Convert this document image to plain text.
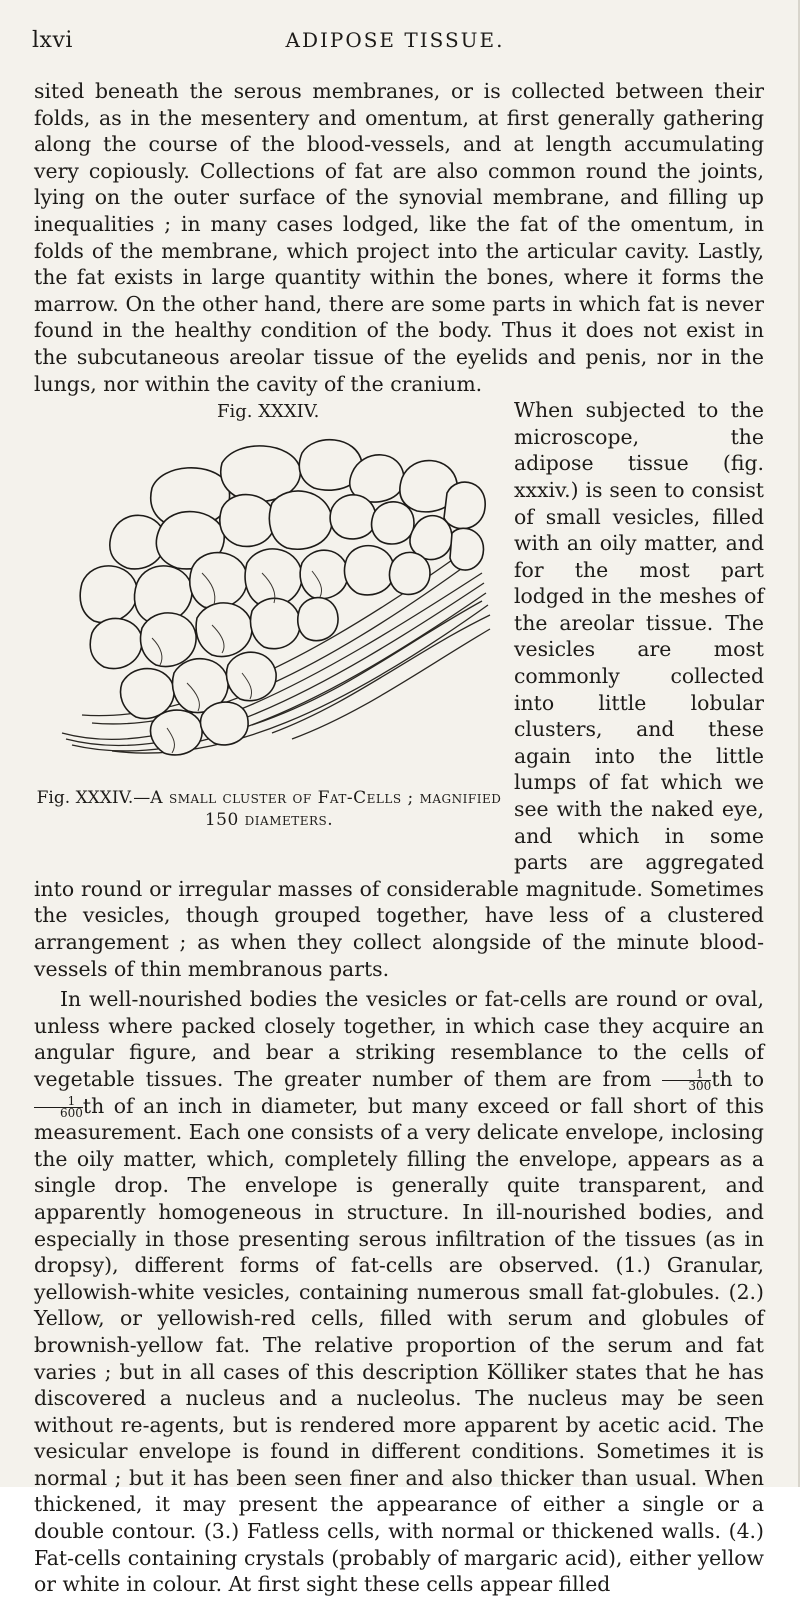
lxvi	ADIPOSE TISSUE.

sited beneath the serous membranes, or is collected between their folds, as in the mesentery and omentum, at first generally gathering along the course of the blood-vessels, and at length accumulating very copiously. Collections of fat are also common round the joints, lying on the outer surface of the synovial membrane, and filling up inequalities ; in many cases lodged, like the fat of the omentum, in folds of the membrane, which project into the articular cavity. Lastly, the fat exists in large quantity within the bones, where it forms the marrow. On the other hand, there are some parts in which fat is never found in the healthy condition of the body. Thus it does not exist in the subcutaneous areolar tissue of the eyelids and penis, nor in the lungs, nor within the cavity of the cranium.

Fig. XXXIV.
Fig. XXXIV.—A small cluster of Fat-Cells ; magnified 150 diameters.

When subjected to the microscope, the adipose tissue (fig. xxxiv.) is seen to consist of small vesicles, filled with an oily matter, and for the most part lodged in the meshes of the areolar tissue. The vesicles are most commonly collected into little lobular clusters, and these again into the little lumps of fat which we see with the naked eye, and which in some parts are aggregated into round or irregular masses of considerable magnitude. Sometimes the vesicles, though grouped together, have less of a clustered arrangement ; as when they collect alongside of the minute blood-vessels of thin membranous parts.

In well-nourished bodies the vesicles or fat-cells are round or oval, unless where packed closely together, in which case they acquire an angular figure, and bear a striking resemblance to the cells of vegetable tissues. The greater number of them are from $\frac{1}{300}$ th to
$\frac{1}{600}$ th of an inch in diameter, but many exceed or fall short of this measurement. Each one consists of a very delicate envelope, inclosing the oily matter, which, completely filling the envelope, appears as a single drop. The envelope is generally quite transparent, and apparently homogeneous in structure. In ill-nourished bodies, and especially in those presenting serous infiltration of the tissues (as in dropsy), different forms of fat-cells are observed. (1.) Granular, yellowish-white vesicles, containing numerous small fat-globules. (2.) Yellow, or yellowish-red cells, filled with serum and globules of brownish-yellow fat. The relative proportion of the serum and fat varies ; but in all cases of this description Kölliker states that he has discovered a nucleus and a nucleolus. The nucleus may be seen without re-agents, but is rendered more apparent by acetic acid. The vesicular envelope is found in different conditions. Sometimes it is normal ; but it has been seen finer and also thicker than usual. When thickened, it may present the appearance of either a single or a double contour. (3.) Fatless cells, with normal or thickened walls. (4.) Fat-cells containing crystals (probably of margaric acid), either yellow or white in colour. At first sight these cells appear filled
